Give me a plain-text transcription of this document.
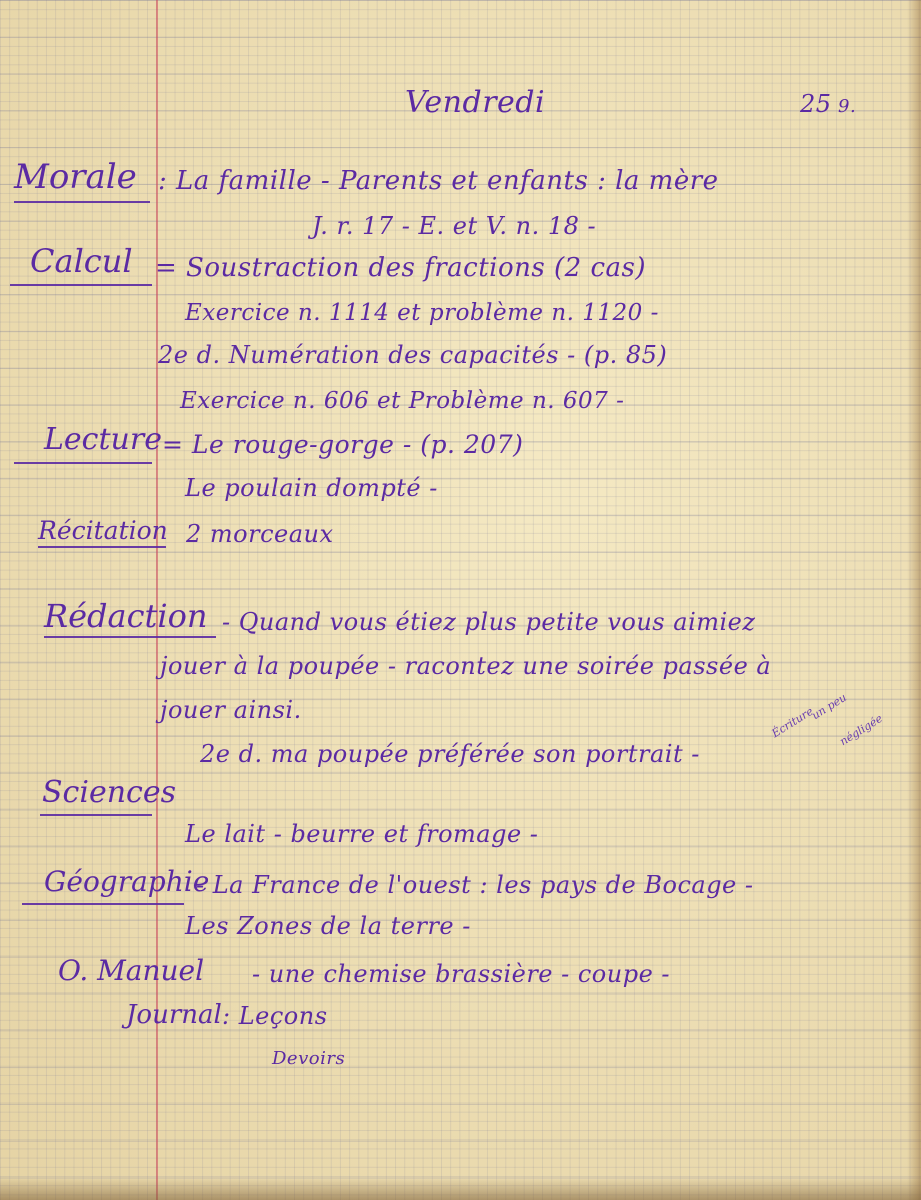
Vendredi	25 9.
Morale : La famille - Parents et enfants : la mère
J. r. 17 - E. et V. n. 18 -
Calcul = Soustraction des fractions (2 cas)
Exercice n. 1114 et problème n. 1120 -
2e d. Numération des capacités - (p. 85)
Exercice n. 606 et Problème n. 607 -
Lecture = Le rouge-gorge - (p. 207)
Le poulain dompté -
Récitation 2 morceaux
Rédaction - Quand vous étiez plus petite vous aimiez
jouer à la poupée - racontez une soirée passée à
jouer ainsi.
2e d. ma poupée préférée son portrait -
Écriture
un peu
négligée
Sciences
Le lait - beurre et fromage -
Géographie
- La France de l'ouest : les pays de Bocage -
Les Zones de la terre -
O. Manuel - une chemise brassière - coupe -
Journal : Leçons
Devoirs
